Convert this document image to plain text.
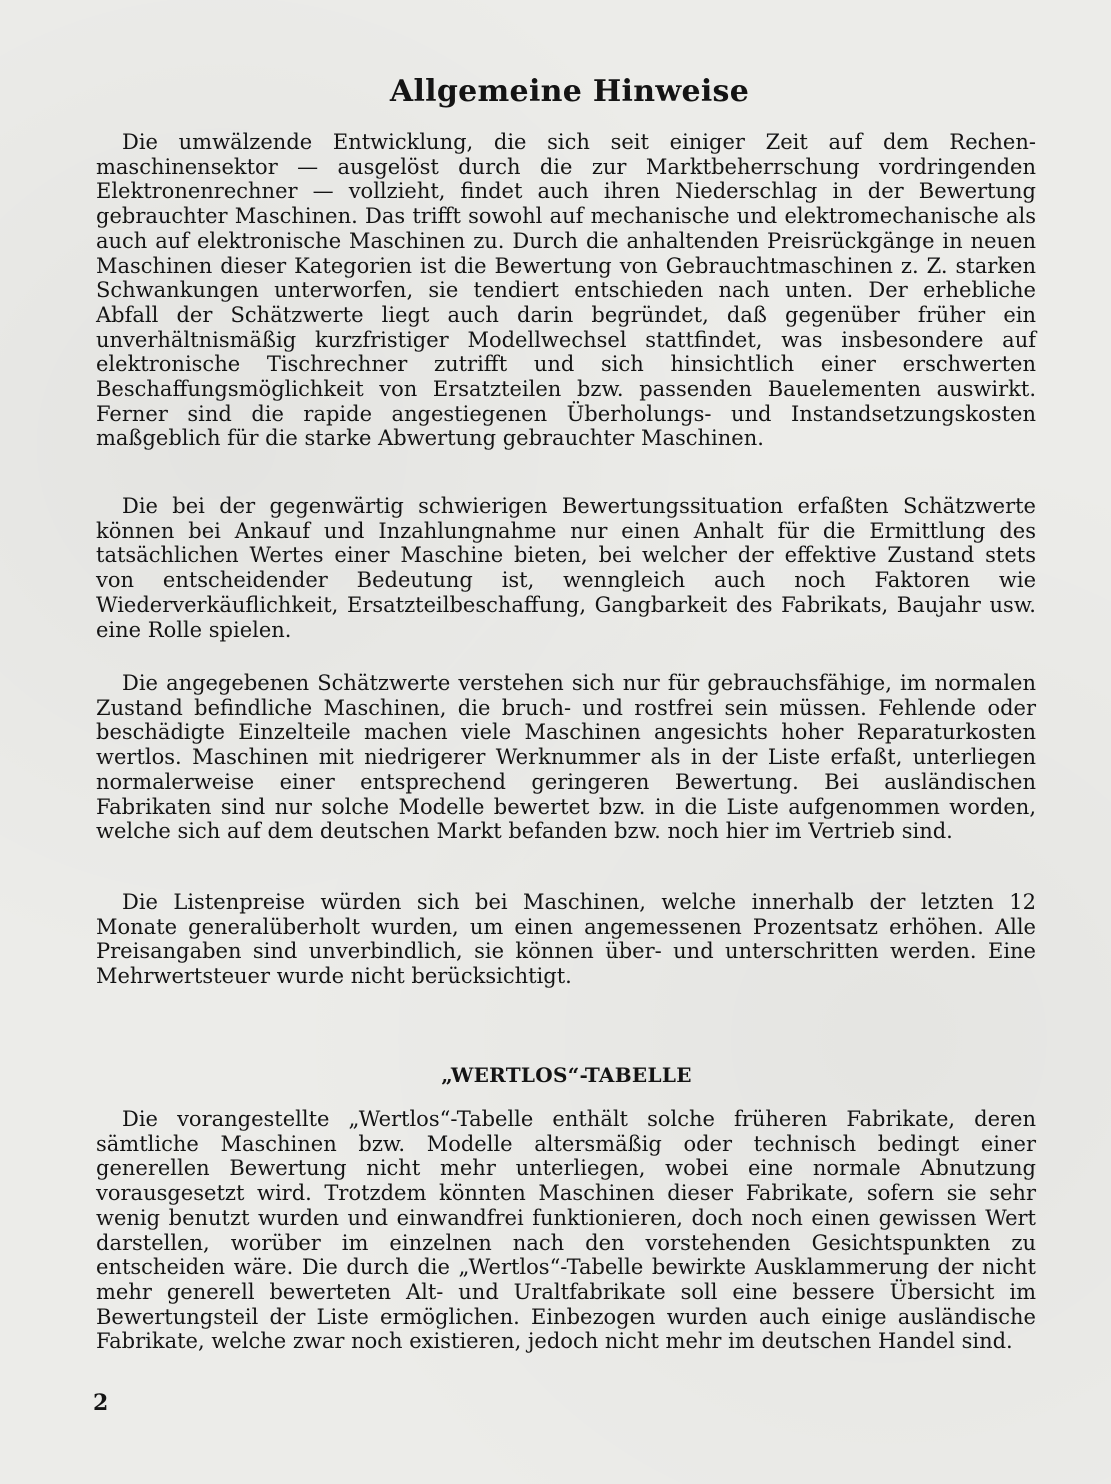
Allgemeine Hinweise

Die umwälzende Entwicklung, die sich seit einiger Zeit auf dem Rechenmaschinensektor — ausgelöst durch die zur Marktbeherrschung vordringenden Elektronenrechner — vollzieht, findet auch ihren Niederschlag in der Bewertung gebrauchter Maschinen. Das trifft sowohl auf mechanische und elektromechanische als auch auf elektronische Maschinen zu. Durch die anhaltenden Preisrückgänge in neuen Maschinen dieser Kategorien ist die Bewertung von Gebrauchtmaschinen z. Z. starken Schwankungen unterworfen, sie tendiert entschieden nach unten. Der erhebliche Abfall der Schätzwerte liegt auch darin begründet, daß gegenüber früher ein unverhältnismäßig kurzfristiger Modellwechsel stattfindet, was insbesondere auf elektronische Tischrechner zutrifft und sich hinsichtlich einer erschwerten Beschaffungsmöglichkeit von Ersatzteilen bzw. passenden Bauelementen auswirkt. Ferner sind die rapide angestiegenen Überholungs- und Instandsetzungskosten maßgeblich für die starke Abwertung gebrauchter Maschinen.

Die bei der gegenwärtig schwierigen Bewertungssituation erfaßten Schätzwerte können bei Ankauf und Inzahlungnahme nur einen Anhalt für die Ermittlung des tatsächlichen Wertes einer Maschine bieten, bei welcher der effektive Zustand stets von entscheidender Bedeutung ist, wenngleich auch noch Faktoren wie Wiederverkäuflichkeit, Ersatzteilbeschaffung, Gangbarkeit des Fabrikats, Baujahr usw. eine Rolle spielen.

Die angegebenen Schätzwerte verstehen sich nur für gebrauchsfähige, im normalen Zustand befindliche Maschinen, die bruch- und rostfrei sein müssen. Fehlende oder beschädigte Einzelteile machen viele Maschinen angesichts hoher Reparaturkosten wertlos. Maschinen mit niedrigerer Werknummer als in der Liste erfaßt, unterliegen normalerweise einer entsprechend geringeren Bewertung. Bei ausländischen Fabrikaten sind nur solche Modelle bewertet bzw. in die Liste aufgenommen worden, welche sich auf dem deutschen Markt befanden bzw. noch hier im Vertrieb sind.

Die Listenpreise würden sich bei Maschinen, welche innerhalb der letzten 12 Monate generalüberholt wurden, um einen angemessenen Prozentsatz erhöhen. Alle Preisangaben sind unverbindlich, sie können über- und unterschritten werden. Eine Mehrwertsteuer wurde nicht berücksichtigt.

„WERTLOS“-TABELLE

Die vorangestellte „Wertlos“-Tabelle enthält solche früheren Fabrikate, deren sämtliche Maschinen bzw. Modelle altersmäßig oder technisch bedingt einer generellen Bewertung nicht mehr unterliegen, wobei eine normale Abnutzung vorausgesetzt wird. Trotzdem könnten Maschinen dieser Fabrikate, sofern sie sehr wenig benutzt wurden und einwandfrei funktionieren, doch noch einen gewissen Wert darstellen, worüber im einzelnen nach den vorstehenden Gesichtspunkten zu entscheiden wäre. Die durch die „Wertlos“-Tabelle bewirkte Ausklammerung der nicht mehr generell bewerteten Alt- und Uraltfabrikate soll eine bessere Übersicht im Bewertungsteil der Liste ermöglichen. Einbezogen wurden auch einige ausländische Fabrikate, welche zwar noch existieren, jedoch nicht mehr im deutschen Handel sind.

2
